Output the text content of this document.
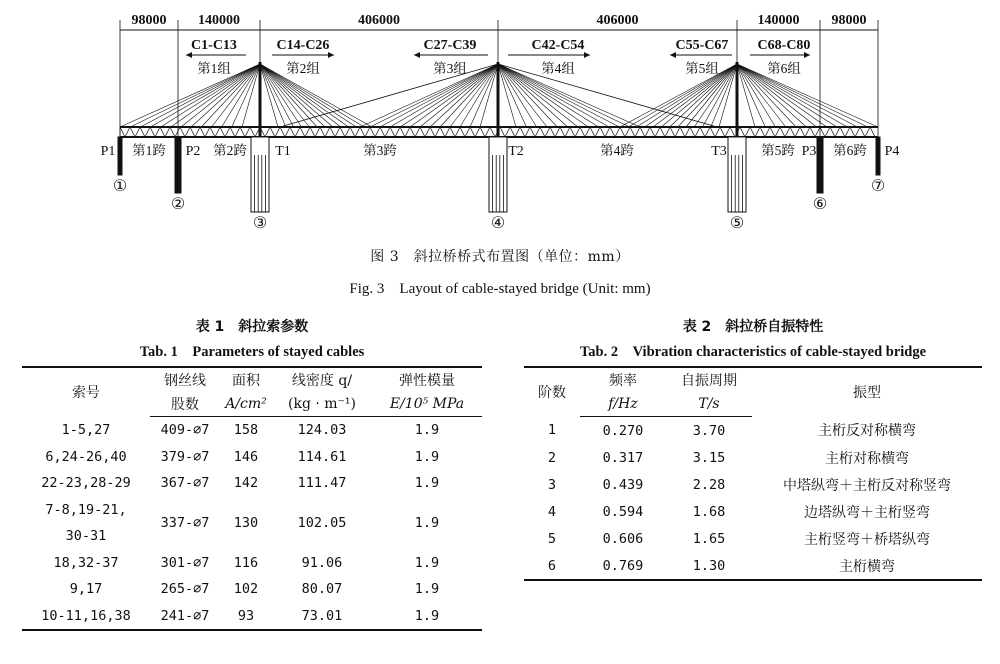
98000 140000	406000	406000	140000 98000
C1-C13
第1组
C14-C26
第2组
C27-C39
第3组
C42-C54
第4组
C55-C67
第5组
C68-C80
第6组
P1
①
P2
②
T1
③
T2
④
T3
⑤
P3
⑥
P4
⑦
第1跨	第2跨	第3跨	第4跨	第5跨	第6跨
图 3　斜拉桥桥式布置图（单位：mm）
Fig. 3　Layout of cable-stayed bridge (Unit: mm)
表 1　斜拉索参数
Tab. 1　Parameters of stayed cables
索号	钢丝线	面积	线密度 q/	弹性模量
	股数	A/cm²	(kg · m⁻¹)	E/10⁵ MPa
1-5,27	409-∅7	158	124.03	1.9
6,24-26,40	379-∅7	146	114.61	1.9
22-23,28-29	367-∅7	142	111.47	1.9
7-8,19-21,	337-∅7	130	102.05	1.9
30-31				
18,32-37	301-∅7	116	91.06	1.9
9,17	265-∅7	102	80.07	1.9
10-11,16,38	241-∅7	93	73.01	1.9
表 2　斜拉桥自振特性
Tab. 2　Vibration characteristics of cable-stayed bridge
阶数	频率	自振周期	振型
	f/Hz	T/s	
1	0.270	3.70	主桁反对称横弯
2	0.317	3.15	主桁对称横弯
3	0.439	2.28	中塔纵弯＋主桁反对称竖弯
4	0.594	1.68	边塔纵弯＋主桁竖弯
5	0.606	1.65	主桁竖弯＋桥塔纵弯
6	0.769	1.30	主桁横弯
